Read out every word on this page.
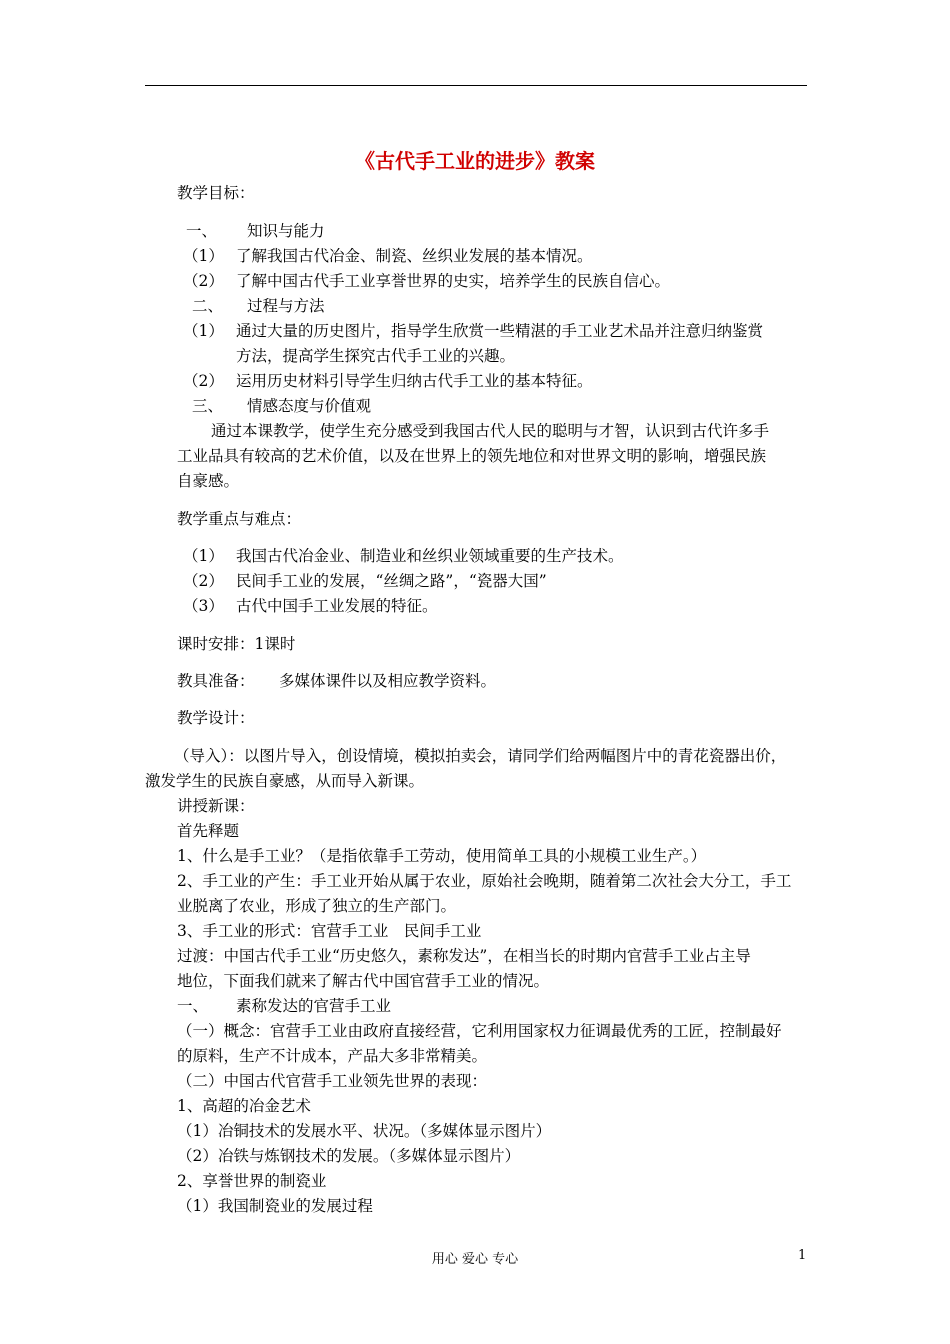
《古代手工业的进步》教案
教学目标：
一、 知识与能力
（1） 了解我国古代冶金、制瓷、丝织业发展的基本情况。
（2） 了解中国古代手工业享誉世界的史实，培养学生的民族自信心。
二、 过程与方法
（1） 通过大量的历史图片，指导学生欣赏一些精湛的手工业艺术品并注意归纳鉴赏
方法，提高学生探究古代手工业的兴趣。
（2） 运用历史材料引导学生归纳古代手工业的基本特征。
三、 情感态度与价值观
通过本课教学，使学生充分感受到我国古代人民的聪明与才智，认识到古代许多手
工业品具有较高的艺术价值，以及在世界上的领先地位和对世界文明的影响，增强民族
自豪感。
教学重点与难点：
（1） 我国古代冶金业、制造业和丝织业领域重要的生产技术。
（2） 民间手工业的发展，“丝绸之路”，“瓷器大国”
（3） 古代中国手工业发展的特征。
课时安排：1课时
教具准备： 多媒体课件以及相应教学资料。
教学设计：
（导入）：以图片导入，创设情境，模拟拍卖会，请同学们给两幅图片中的青花瓷器出价，
激发学生的民族自豪感，从而导入新课。
讲授新课：
首先释题
1、什么是手工业？（是指依靠手工劳动，使用简单工具的小规模工业生产。）
2、手工业的产生：手工业开始从属于农业，原始社会晚期，随着第二次社会大分工，手工
业脱离了农业，形成了独立的生产部门。
3、手工业的形式：官营手工业　民间手工业
过渡：中国古代手工业“历史悠久，素称发达”，在相当长的时期内官营手工业占主导
地位，下面我们就来了解古代中国官营手工业的情况。
一、 素称发达的官营手工业
（一）概念：官营手工业由政府直接经营，它利用国家权力征调最优秀的工匠，控制最好
的原料，生产不计成本，产品大多非常精美。
（二）中国古代官营手工业领先世界的表现：
1、高超的冶金艺术
（1）冶铜技术的发展水平、状况。（多媒体显示图片）
（2）冶铁与炼钢技术的发展。（多媒体显示图片）
2、享誉世界的制瓷业
（1）我国制瓷业的发展过程
用心 爱心 专心	1
